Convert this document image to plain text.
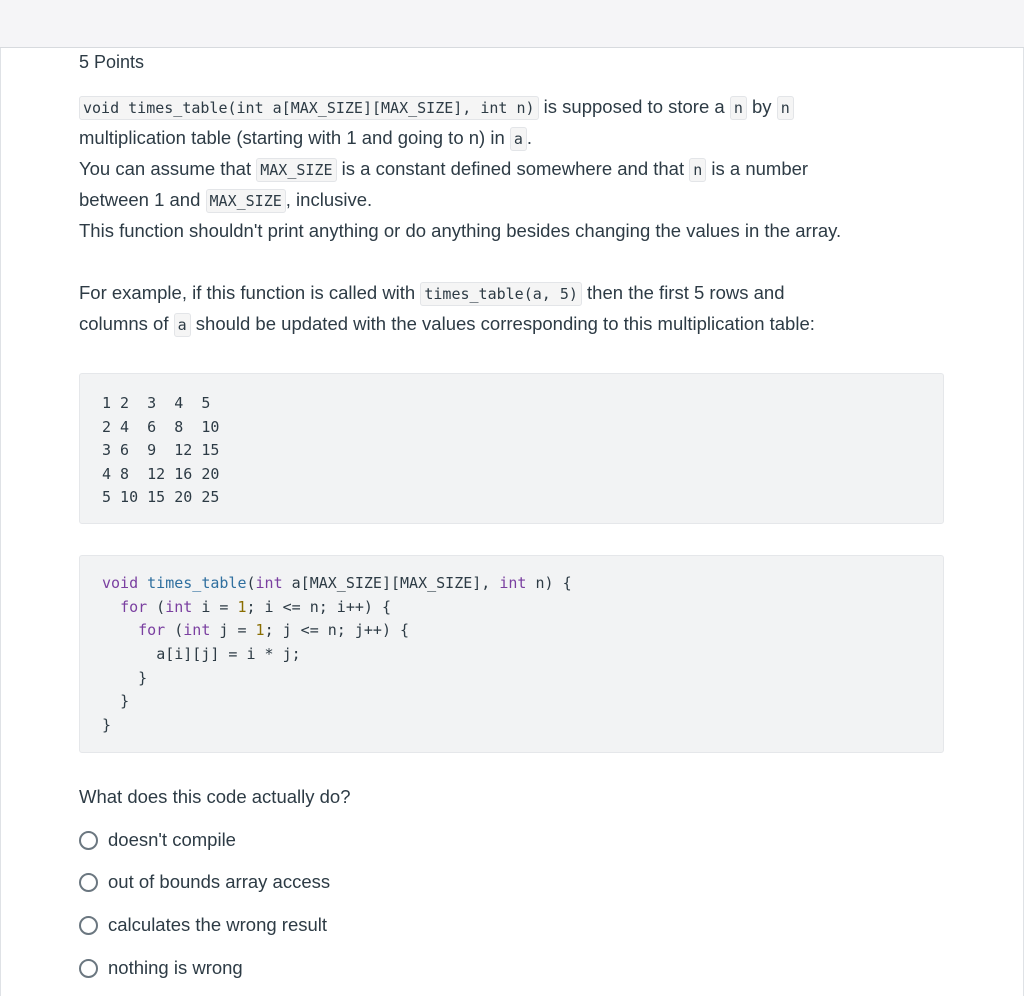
5 Points
void times_table(int a[MAX_SIZE][MAX_SIZE], int n) is supposed to store a n by n
multiplication table (starting with 1 and going to n) in a .
You can assume that MAX_SIZE is a constant defined somewhere and that n is a number
between 1 and MAX_SIZE , inclusive.
This function shouldn't print anything or do anything besides changing the values in the array.
For example, if this function is called with times_table(a, 5) then the first 5 rows and
columns of a should be updated with the values corresponding to this multiplication table:
1 2  3  4  5
2 4  6  8  10
3 6  9  12 15
4 8  12 16 20
5 10 15 20 25
void times_table(int a[MAX_SIZE][MAX_SIZE], int n) {
for (int i = 1; i <= n; i++) {
for (int j = 1; j <= n; j++) {
a[i][j] = i * j;
}
}
}
What does this code actually do?
doesn't compile
out of bounds array access
calculates the wrong result
nothing is wrong
